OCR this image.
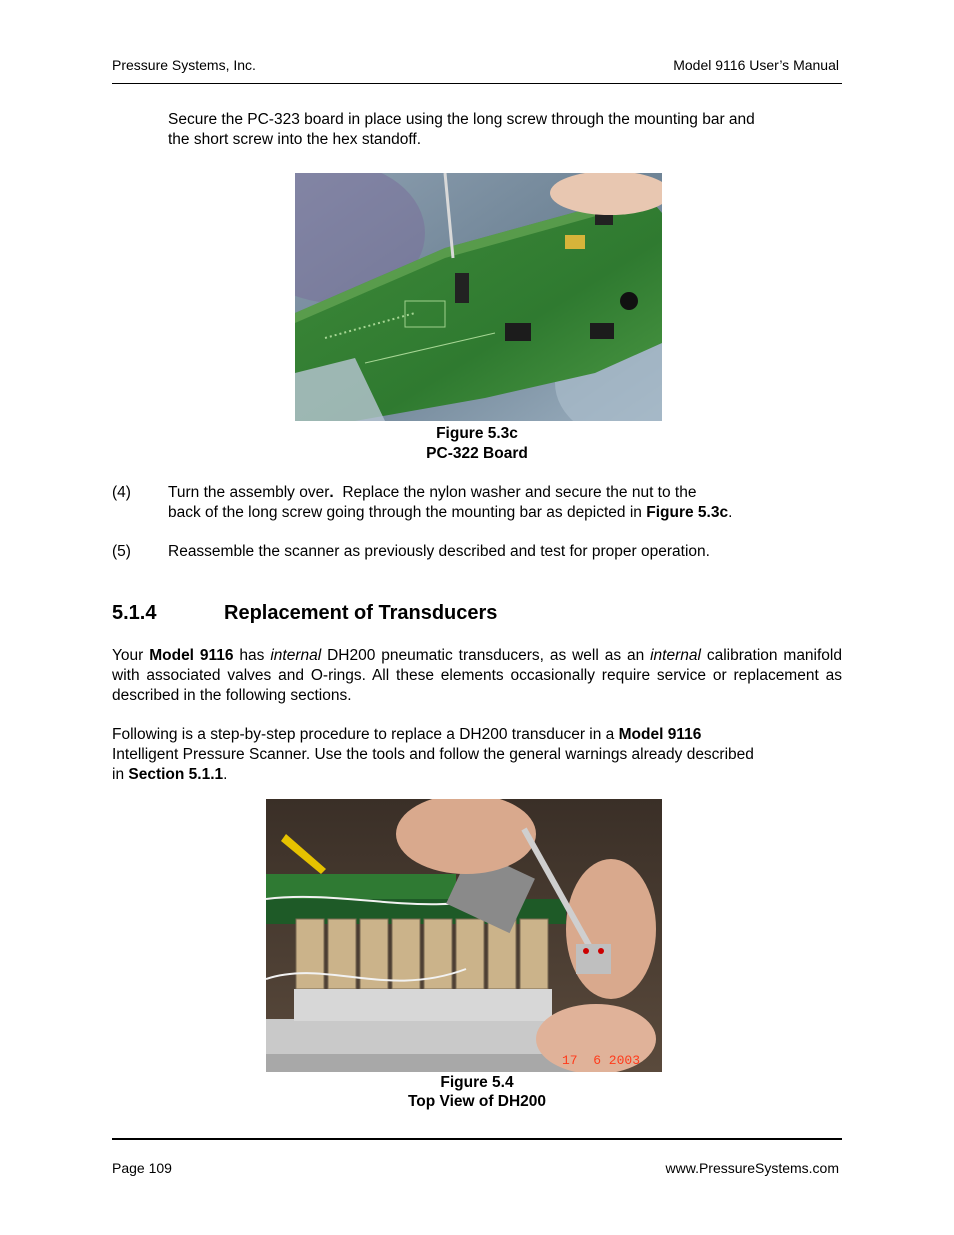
Pressure Systems, Inc.	Model 9116 User’s Manual
Secure the PC-323 board in place using the long screw through the mounting bar and
the short screw into the hex standoff.
Figure 5.3c
PC-322 Board
(4) Turn the assembly over.  Replace the nylon washer and secure the nut to the
back of the long screw going through the mounting bar as depicted in Figure 5.3c.
(5) Reassemble the scanner as previously described and test for proper operation.
5.1.4	Replacement of Transducers
Your Model 9116 has internal DH200 pneumatic transducers, as well as an internal calibration manifold with associated valves and O-rings. All these elements occasionally require service or replacement as described in the following sections.
Following is a step-by-step procedure to replace a DH200 transducer in a Model 9116
Intelligent Pressure Scanner. Use the tools and follow the general warnings already described
in Section 5.1.1.
17  6 2003
Figure 5.4
Top View of DH200
Page 109	www.PressureSystems.com
